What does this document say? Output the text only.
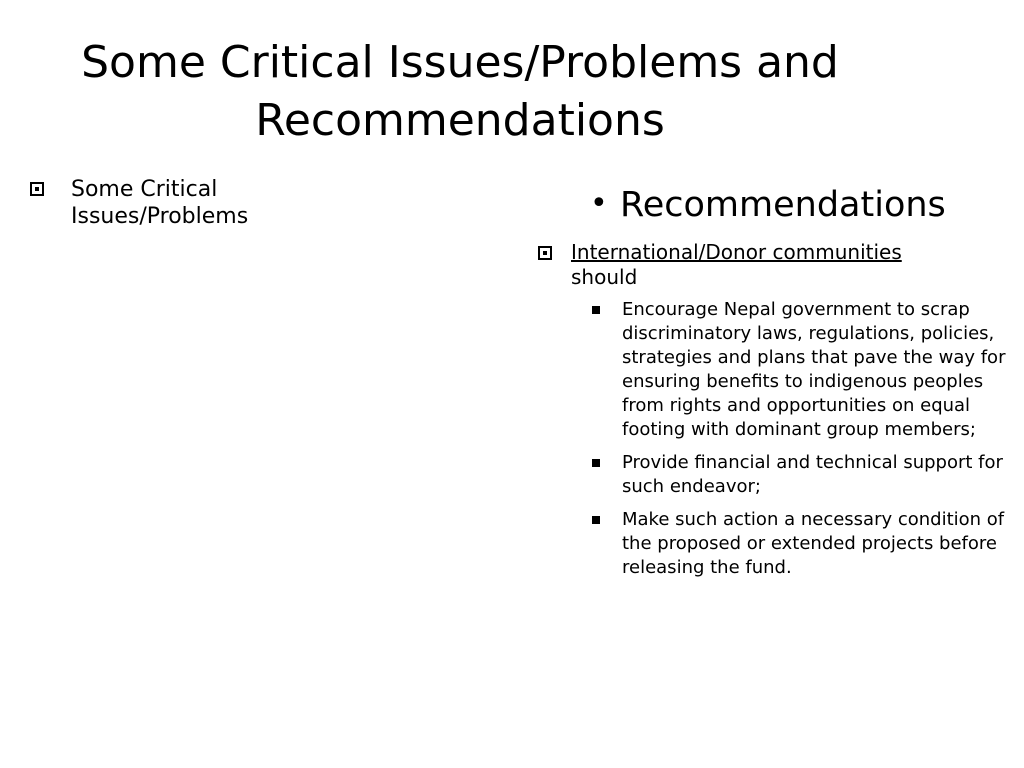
Some Critical Issues/Problems and
Recommendations
Some Critical
Issues/Problems	• Recommendations
International/Donor communities
should
Encourage Nepal government to scrap discriminatory laws, regulations, policies, strategies and plans that pave the way for ensuring benefits to indigenous peoples from rights and opportunities on equal footing with dominant group members;
Provide financial and technical support for such endeavor;
Make such action a necessary condition of the proposed or extended projects before releasing the fund.
